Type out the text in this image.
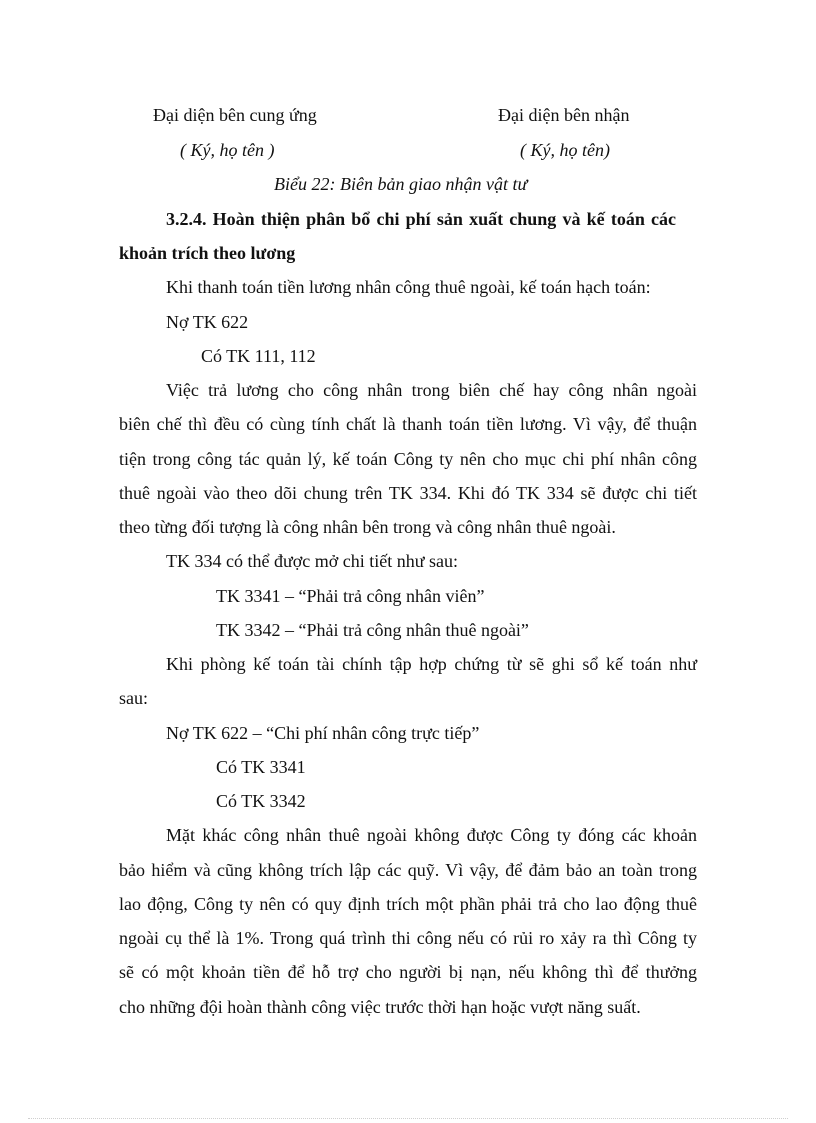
Đại diện bên cung ứng	Đại diện bên nhận
( Ký, họ tên )	( Ký, họ tên)
Biểu 22: Biên bản giao nhận vật tư
3.2.4. Hoàn thiện phân bổ chi phí sản xuất chung và kế toán các
khoản trích theo lương
Khi thanh toán tiền lương nhân công thuê ngoài, kế toán hạch toán:
Nợ TK 622
Có TK 111, 112
Việc trả lương cho công nhân trong biên chế hay công nhân ngoài
biên chế thì đều có cùng tính chất là thanh toán tiền lương. Vì vậy, để thuận
tiện trong công tác quản lý, kế toán Công ty nên cho mục chi phí nhân công
thuê ngoài vào theo dõi chung trên TK 334. Khi đó TK 334 sẽ được chi tiết
theo từng đối tượng là công nhân bên trong và công nhân thuê ngoài.
TK 334 có thể được mở chi tiết như sau:
TK 3341 – “Phải trả công nhân viên”
TK 3342 – “Phải trả công nhân thuê ngoài”
Khi phòng kế toán tài chính tập hợp chứng từ sẽ ghi sổ kế toán như
sau:
Nợ TK 622 – “Chi phí nhân công trực tiếp”
Có TK 3341
Có TK 3342
Mặt khác công nhân thuê ngoài không được Công ty đóng các khoản
bảo hiểm và cũng không trích lập các quỹ. Vì vậy, để đảm bảo an toàn trong
lao động, Công ty nên có quy định trích một phần phải trả cho lao động thuê
ngoài cụ thể là 1%. Trong quá trình thi công nếu có rủi ro xảy ra thì Công ty
sẽ có một khoản tiền để hỗ trợ cho người bị nạn, nếu không thì để thưởng
cho những đội hoàn thành công việc trước thời hạn hoặc vượt năng suất.
